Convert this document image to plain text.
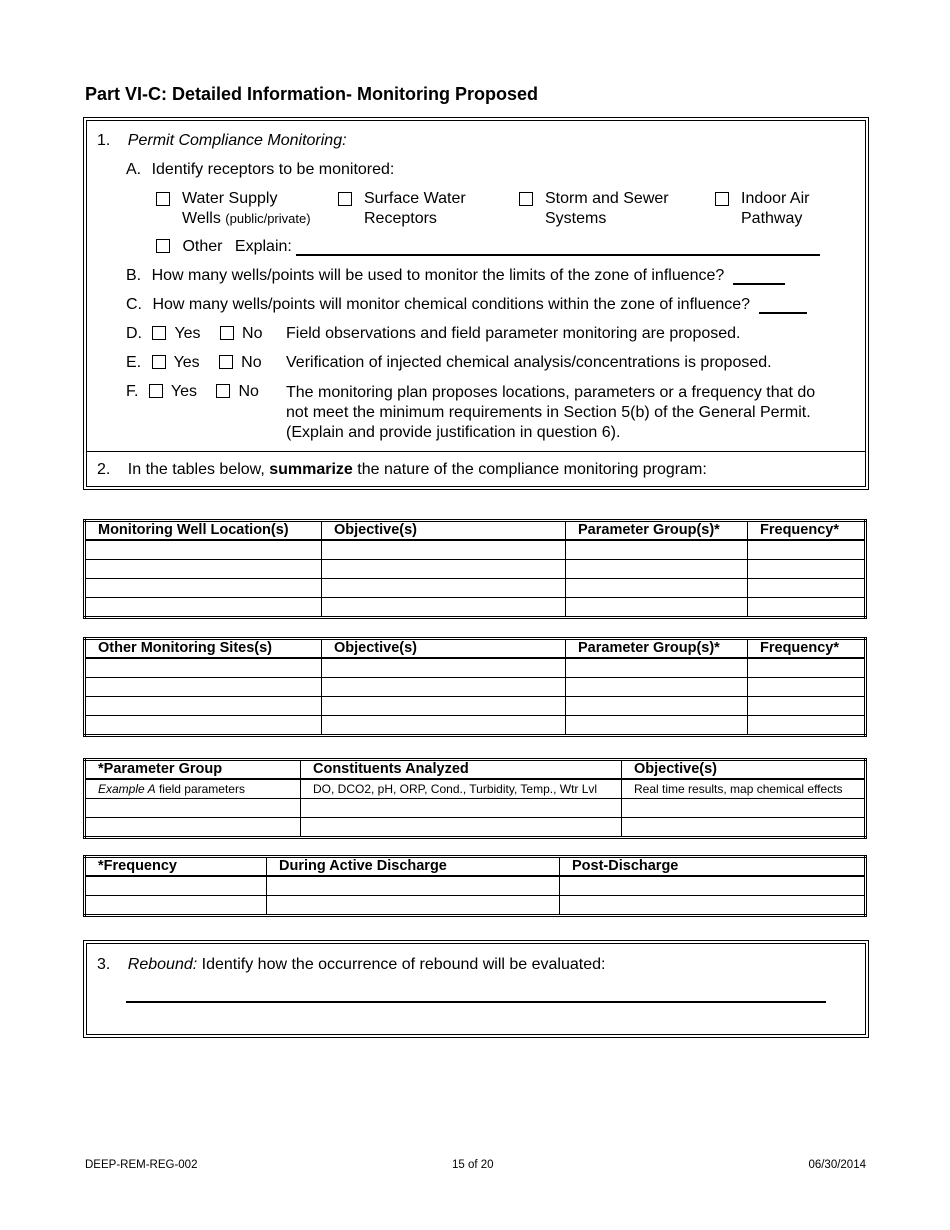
Part VI-C: Detailed Information- Monitoring Proposed
1. Permit Compliance Monitoring:
A. Identify receptors to be monitored:
Water Supply
Wells (public/private)
Surface Water
Receptors
Storm and Sewer
Systems
Indoor Air
Pathway
Other Explain:
B. How many wells/points will be used to monitor the limits of the zone of influence?
C. How many wells/points will monitor chemical conditions within the zone of influence?
D. Yes	No Field observations and field parameter monitoring are proposed.
E. Yes	No Verification of injected chemical analysis/concentrations is proposed.
F. Yes	No The monitoring plan proposes locations, parameters or a frequency that do
not meet the minimum requirements in Section 5(b) of the General Permit.
(Explain and provide justification in question 6).
2. In the tables below, summarize the nature of the compliance monitoring program:
Monitoring Well Location(s)	Objective(s)	Parameter Group(s)*	Frequency*

Other Monitoring Sites(s)	Objective(s)	Parameter Group(s)*	Frequency*

*Parameter Group	Constituents Analyzed	Objective(s)
Example A field parameters	DO, DCO2, pH, ORP, Cond., Turbidity, Temp., Wtr Lvl	Real time results, map chemical effects

*Frequency	During Active Discharge	Post-Discharge

3. Rebound: Identify how the occurrence of rebound will be evaluated:
DEEP-REM-REG-002	15 of 20	06/30/2014
